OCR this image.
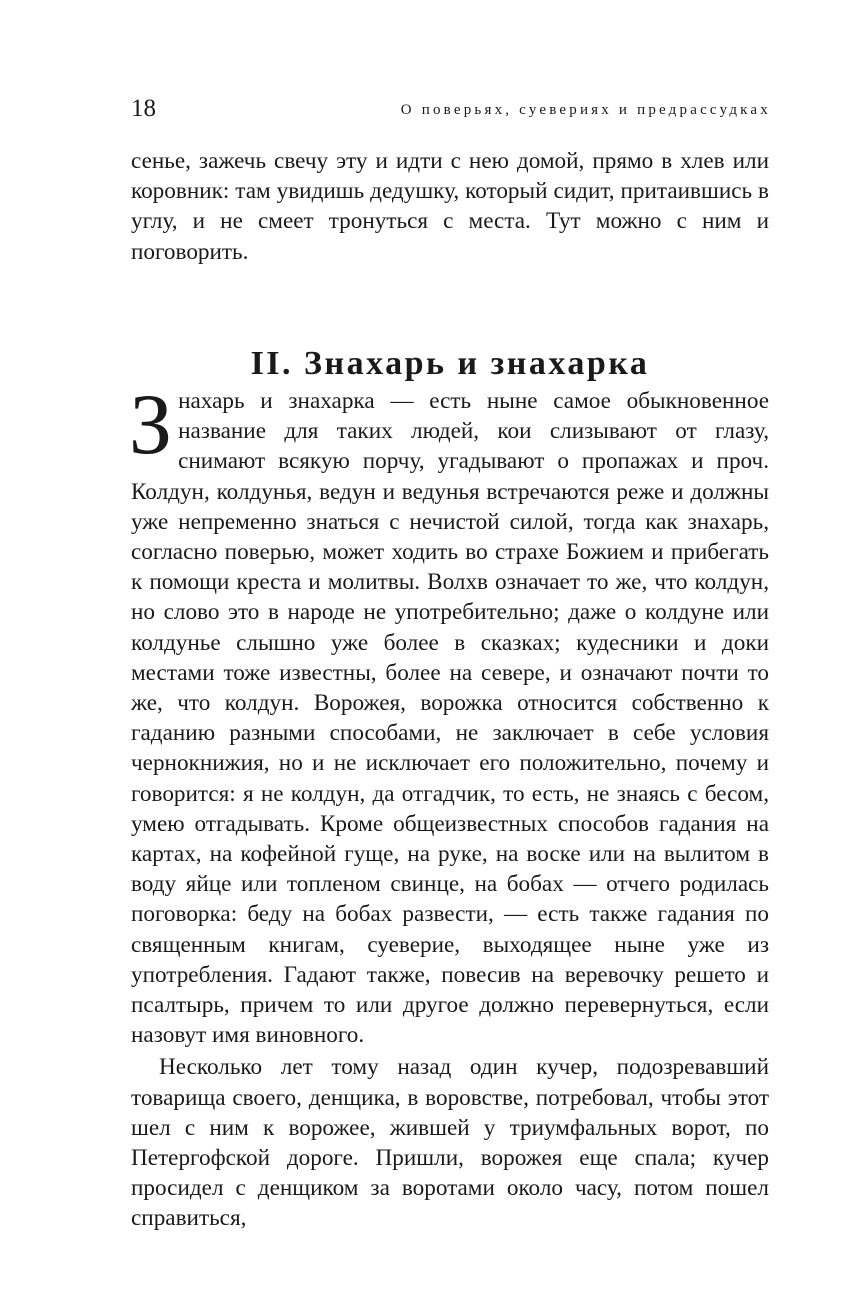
18	О поверьях, суевериях и предрассудках

сенье, зажечь свечу эту и идти с нею домой, прямо в хлев или коровник: там увидишь дедушку, который сидит, притаившись в углу, и не смеет тронуться с места. Тут можно с ним и поговорить.

II. Знахарь и знахарка

Знахарь и знахарка — есть ныне самое обыкновенное название для таких людей, кои слизывают от глазу, снимают всякую порчу, угадывают о пропажах и проч. Колдун, колдунья, ведун и ведунья встречаются реже и должны уже непременно знаться с нечистой силой, тогда как знахарь, согласно поверью, может ходить во страхе Божием и прибегать к помощи креста и молитвы. Волхв означает то же, что колдун, но слово это в народе не употребительно; даже о колдуне или колдунье слышно уже более в сказках; кудесники и доки местами тоже известны, более на севере, и означают почти то же, что колдун. Ворожея, ворожка относится собственно к гаданию разными способами, не заключает в себе условия чернокнижия, но и не исключает его положительно, почему и говорится: я не колдун, да отгадчик, то есть, не знаясь с бесом, умею отгадывать. Кроме общеизвестных способов гадания на картах, на кофейной гуще, на руке, на воске или на вылитом в воду яйце или топленом свинце, на бобах — отчего родилась поговорка: беду на бобах развести, — есть также гадания по священным книгам, суеверие, выходящее ныне уже из употребления. Гадают также, повесив на веревочку решето и псалтырь, причем то или другое должно перевернуться, если назовут имя виновного.

Несколько лет тому назад один кучер, подозревавший товарища своего, денщика, в воровстве, потребовал, чтобы этот шел с ним к ворожее, жившей у триумфальных ворот, по Петергофской дороге. Пришли, ворожея еще спала; кучер просидел с денщиком за воротами около часу, потом пошел справиться,
